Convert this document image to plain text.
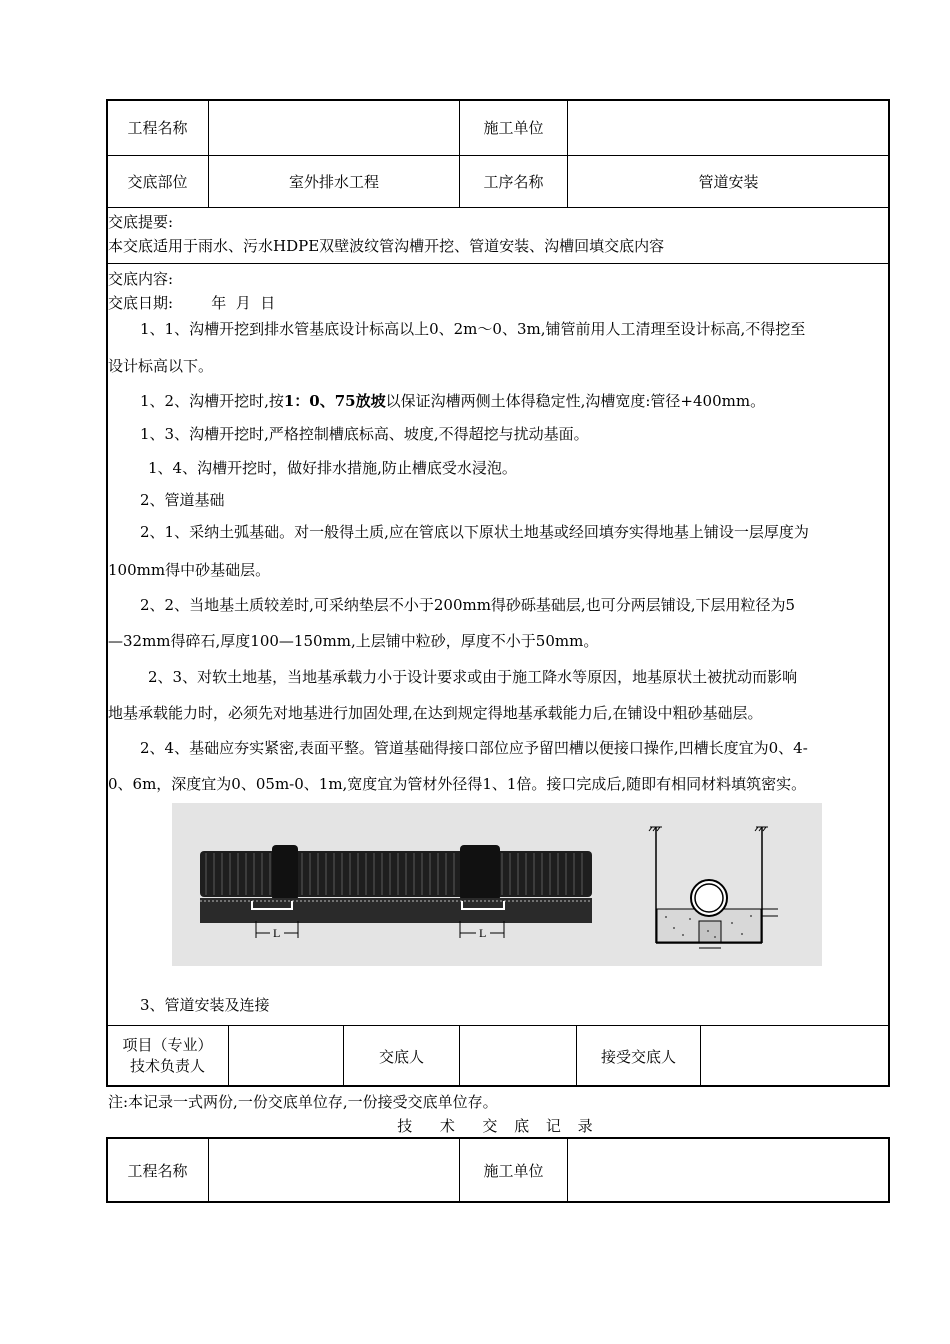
工程名称	施工单位
交底部位	室外排水工程	工序名称	管道安装
交底提要:
本交底适用于雨水、污水HDPE双壁波纹管沟槽开挖、管道安装、沟槽回填交底内容
交底内容:
交底日期:        年  月  日
1、1、沟槽开挖到排水管基底设计标高以上0、2m～0、3m,铺管前用人工清理至设计标高,不得挖至
设计标高以下。
1、2、沟槽开挖时,按1：0、75放坡以保证沟槽两侧土体得稳定性,沟槽宽度:管径+400mm。
1、3、沟槽开挖时,严格控制槽底标高、坡度,不得超挖与扰动基面。
1、4、沟槽开挖时，做好排水措施,防止槽底受水浸泡。
2、管道基础
2、1、采纳土弧基础。对一般得土质,应在管底以下原状土地基或经回填夯实得地基上铺设一层厚度为
100mm得中砂基础层。
2、2、当地基土质较差时,可采纳垫层不小于200mm得砂砾基础层,也可分两层铺设,下层用粒径为5
—32mm得碎石,厚度100—150mm,上层铺中粒砂，厚度不小于50mm。
2、3、对软土地基，当地基承载力小于设计要求或由于施工降水等原因，地基原状土被扰动而影响
地基承载能力时，必须先对地基进行加固处理,在达到规定得地基承载能力后,在铺设中粗砂基础层。
2、4、基础应夯实紧密,表面平整。管道基础得接口部位应予留凹槽以便接口操作,凹槽长度宜为0、4-
0、6m，深度宜为0、05m-0、1m,宽度宜为管材外径得1、1倍。接口完成后,随即有相同材料填筑密实。
L	L
3、管道安装及连接
项目（专业）
技术负责人
交底人	接受交底人
注:本记录一式两份,一份交底单位存,一份接受交底单位存。
技  术  交 底 记 录
工程名称	施工单位
